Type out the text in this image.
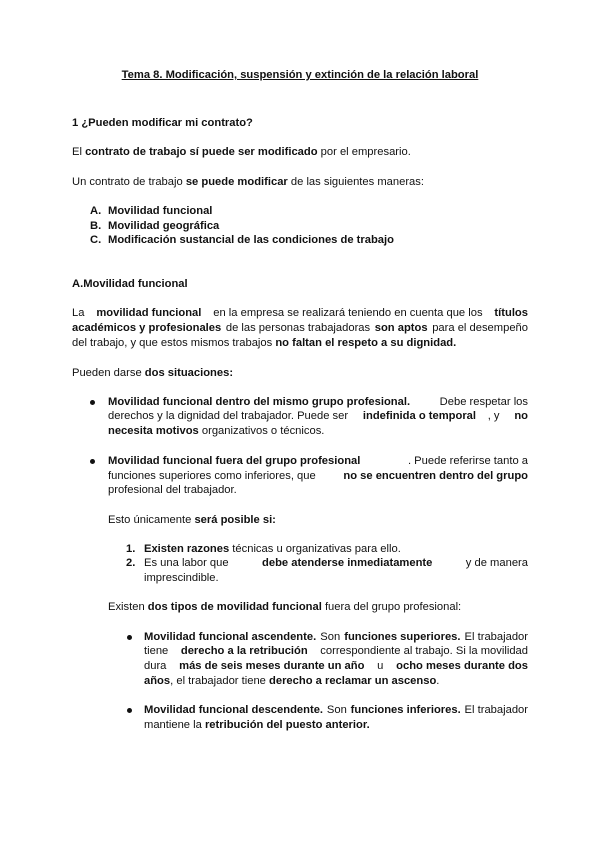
Tema 8. Modificación, suspensión y extinción de la relación laboral
1 ¿Pueden modificar mi contrato?
El contrato de trabajo sí puede ser modificado por el empresario.
Un contrato de trabajo se puede modificar de las siguientes maneras:
A. Movilidad funcional
B. Movilidad geográfica
C. Modificación sustancial de las condiciones de trabajo
A.Movilidad funcional
La movilidad funcional en la empresa se realizará teniendo en cuenta que los títulos
académicos y profesionales de las personas trabajadoras son aptos para el desempeño
del trabajo, y que estos mismos trabajos no faltan el respeto a su dignidad.
Pueden darse dos situaciones:
Movilidad funcional dentro del mismo grupo profesional. Debe respetar los
derechos y la dignidad del trabajador. Puede ser indefinida o temporal , y no
necesita motivos organizativos o técnicos.
Movilidad funcional fuera del grupo profesional	. Puede referirse tanto a
funciones superiores como inferiores, que no se encuentren dentro del grupo
profesional del trabajador.
Esto únicamente será posible si:
1. Existen razones técnicas u organizativas para ello.
2. Es una labor que	debe atenderse inmediatamente	y de manera
imprescindible.
Existen dos tipos de movilidad funcional fuera del grupo profesional:
Movilidad funcional ascendente. Son funciones superiores. El trabajador
tiene derecho a la retribución correspondiente al trabajo. Si la movilidad
dura más de seis meses durante un año u ocho meses durante dos
años, el trabajador tiene derecho a reclamar un ascenso.
Movilidad funcional descendente. Son funciones inferiores. El trabajador
mantiene la retribución del puesto anterior.
